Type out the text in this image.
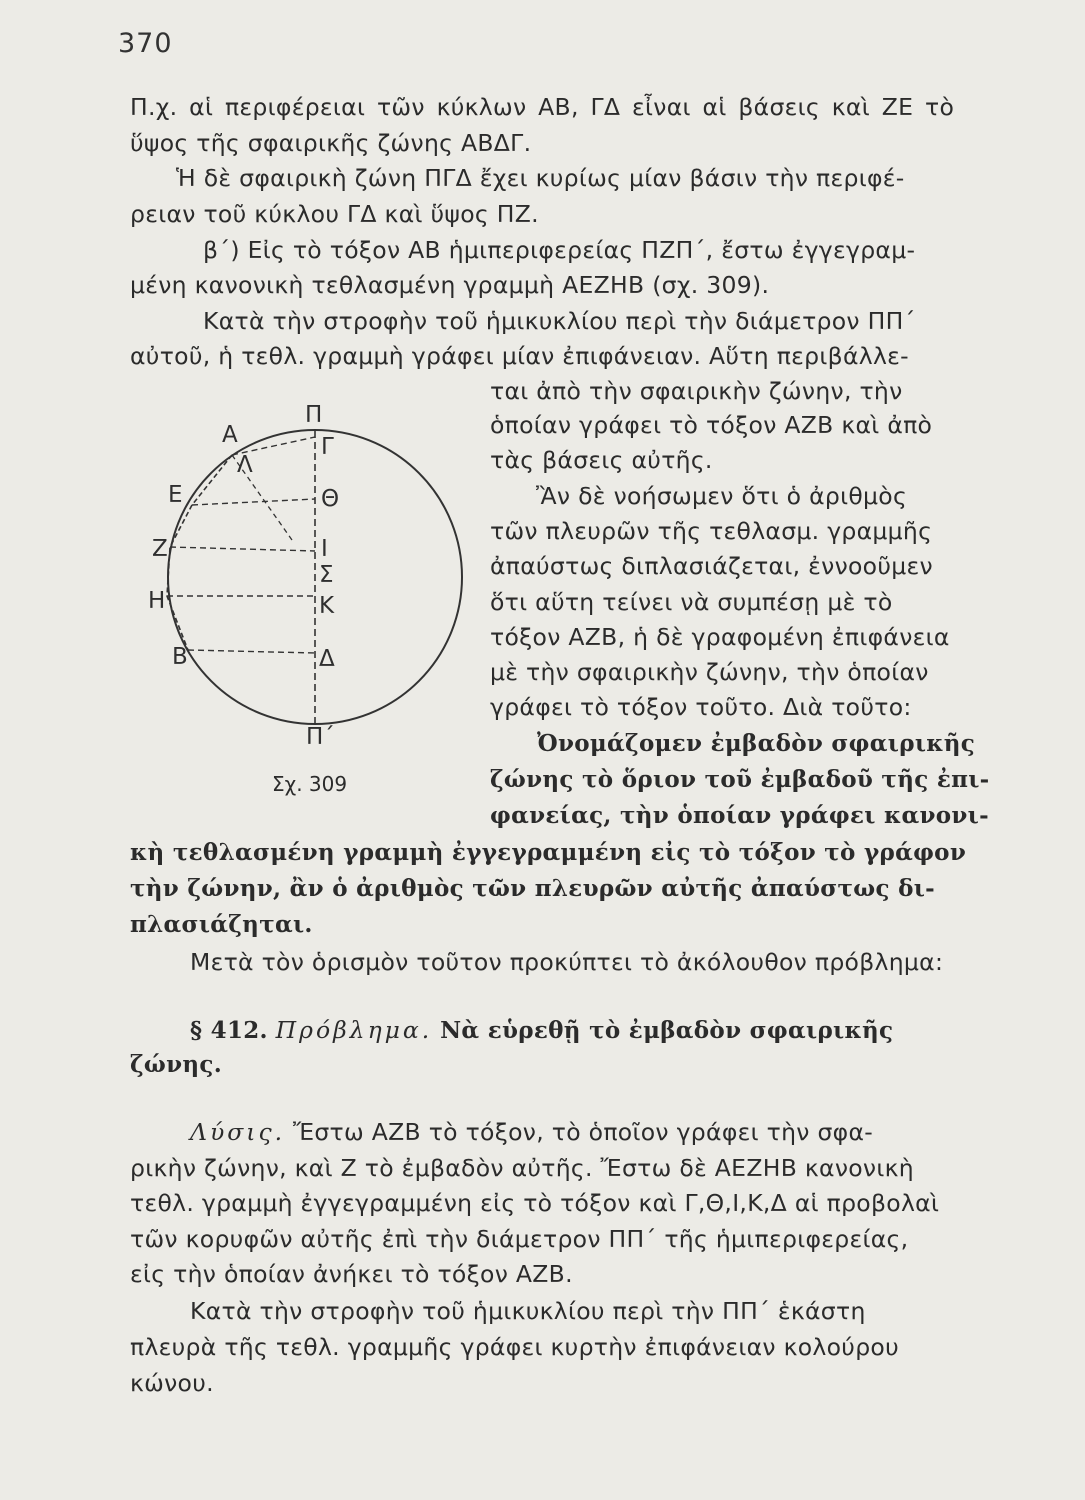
370
Π.χ. αἱ περιφέρειαι τῶν κύκλων ΑΒ, ΓΔ εἶναι αἱ βάσεις καὶ ΖΕ τὸ
ὕψος τῆς σφαιρικῆς ζώνης ΑΒΔΓ.
Ἡ δὲ σφαιρικὴ ζώνη ΠΓΔ ἔχει κυρίως μίαν βάσιν τὴν περιφέ-
ρειαν τοῦ κύκλου ΓΔ καὶ ὕψος ΠΖ.
β΄) Εἰς τὸ τόξον ΑΒ ἡμιπεριφερείας ΠΖΠ΄, ἔστω ἐγγεγραμ-
μένη κανονικὴ τεθλασμένη γραμμὴ ΑΕΖΗΒ (σχ. 309).
Κατὰ τὴν στροφὴν τοῦ ἡμικυκλίου περὶ τὴν διάμετρον ΠΠ΄
αὐτοῦ, ἡ τεθλ. γραμμὴ γράφει μίαν ἐπιφάνειαν. Αὕτη περιβάλλε-
ται ἀπὸ τὴν σφαιρικὴν ζώνην, τὴν
ὁποίαν γράφει τὸ τόξον ΑΖΒ καὶ ἀπὸ
τὰς βάσεις αὐτῆς.
Ἂν δὲ νοήσωμεν ὅτι ὁ ἀριθμὸς
τῶν πλευρῶν τῆς τεθλασμ. γραμμῆς
ἀπαύστως διπλασιάζεται, ἐννοοῦμεν
ὅτι αὕτη τείνει νὰ συμπέσῃ μὲ τὸ
τόξον ΑΖΒ, ἡ δὲ γραφομένη ἐπιφάνεια
μὲ τὴν σφαιρικὴν ζώνην, τὴν ὁποίαν
γράφει τὸ τόξον τοῦτο. Διὰ τοῦτο:
Ὀνομάζομεν ἐμβαδὸν σφαιρικῆς
ζώνης τὸ ὅριον τοῦ ἐμβαδοῦ τῆς ἐπι-
φανείας, τὴν ὁποίαν γράφει κανονι-
κὴ τεθλασμένη γραμμὴ ἐγγεγραμμένη εἰς τὸ τόξον τὸ γράφον
τὴν ζώνην, ἂν ὁ ἀριθμὸς τῶν πλευρῶν αὐτῆς ἀπαύστως δι-
πλασιάζηται.
Μετὰ τὸν ὁρισμὸν τοῦτον προκύπτει τὸ ἀκόλουθον πρόβλημα:
§ 412. Πρόβλημα. Νὰ εὑρεθῇ τὸ ἐμβαδὸν σφαιρικῆς
ζώνης.
Λύσις. Ἔστω ΑΖΒ τὸ τόξον, τὸ ὁποῖον γράφει τὴν σφα-
ρικὴν ζώνην, καὶ Ζ τὸ ἐμβαδὸν αὐτῆς. Ἔστω δὲ ΑΕΖΗΒ κανονικὴ
τεθλ. γραμμὴ ἐγγεγραμμένη εἰς τὸ τόξον καὶ Γ,Θ,Ι,Κ,Δ αἱ προβολαὶ
τῶν κορυφῶν αὐτῆς ἐπὶ τὴν διάμετρον ΠΠ΄ τῆς ἡμιπεριφερείας,
εἰς τὴν ὁποίαν ἀνήκει τὸ τόξον ΑΖΒ.
Κατὰ τὴν στροφὴν τοῦ ἡμικυκλίου περὶ τὴν ΠΠ΄ ἑκάστη
πλευρὰ τῆς τεθλ. γραμμῆς γράφει κυρτὴν ἐπιφάνειαν κολούρου
κώνου.
Α
Λ
Ε
Ζ
Η
Β
Π
Γ
Θ
Ι
Σ
Κ
Δ
Π΄
Σχ. 309
